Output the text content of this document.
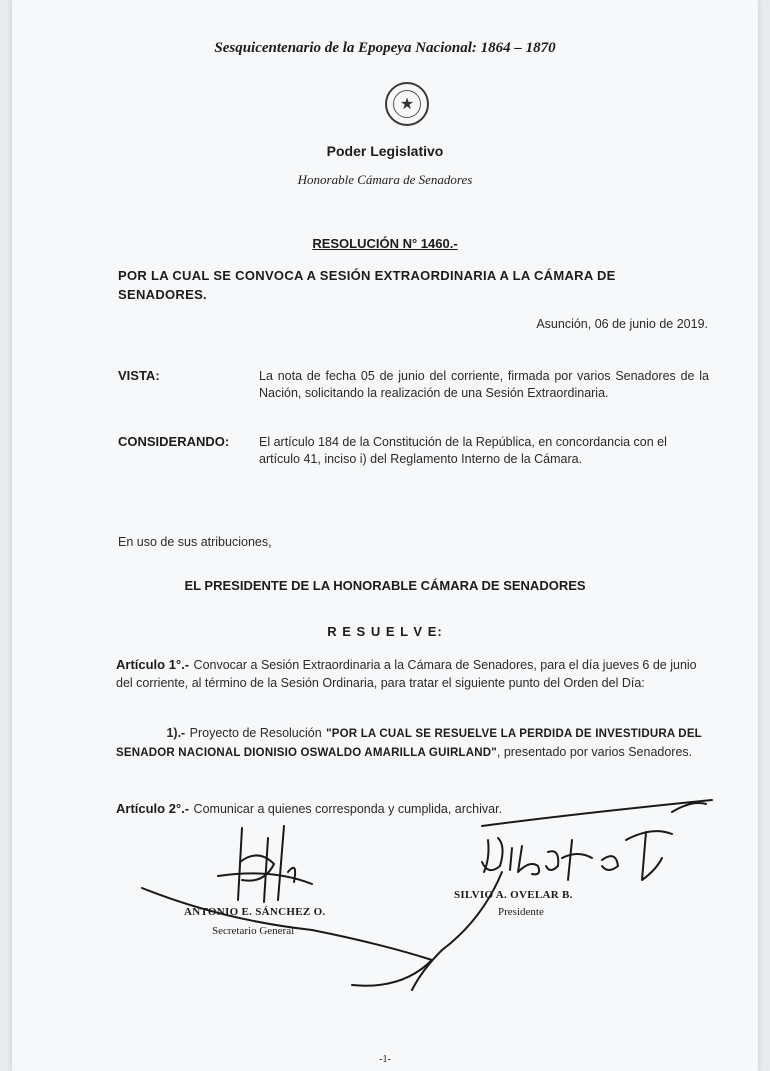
Sesquicentenario de la Epopeya Nacional: 1864 – 1870
★
Poder Legislativo
Honorable Cámara de Senadores
RESOLUCIÓN N° 1460.-
POR LA CUAL SE CONVOCA A SESIÓN EXTRAORDINARIA A LA CÁMARA DE SENADORES.
Asunción, 06 de junio de 2019.
VISTA:	La nota de fecha 05 de junio del corriente, firmada por varios Senadores de la Nación, solicitando la realización de una Sesión Extraordinaria.
CONSIDERANDO: El artículo 184 de la Constitución de la República, en concordancia con el artículo 41, inciso i) del Reglamento Interno de la Cámara.
En uso de sus atribuciones,
EL PRESIDENTE DE LA HONORABLE CÁMARA DE SENADORES
R E S U E L V E:
Artículo 1°.- Convocar a Sesión Extraordinaria a la Cámara de Senadores, para el día jueves 6 de junio del corriente, al término de la Sesión Ordinaria, para tratar el siguiente punto del Orden del Día:
1).- Proyecto de Resolución "POR LA CUAL SE RESUELVE LA PERDIDA DE INVESTIDURA DEL SENADOR NACIONAL DIONISIO OSWALDO AMARILLA GUIRLAND", presentado por varios Senadores.
Artículo 2°.- Comunicar a quienes corresponda y cumplida, archivar.
ANTONIO E. SÁNCHEZ O.
Secretario General
SILVIO A. OVELAR B.
Presidente
-1-
